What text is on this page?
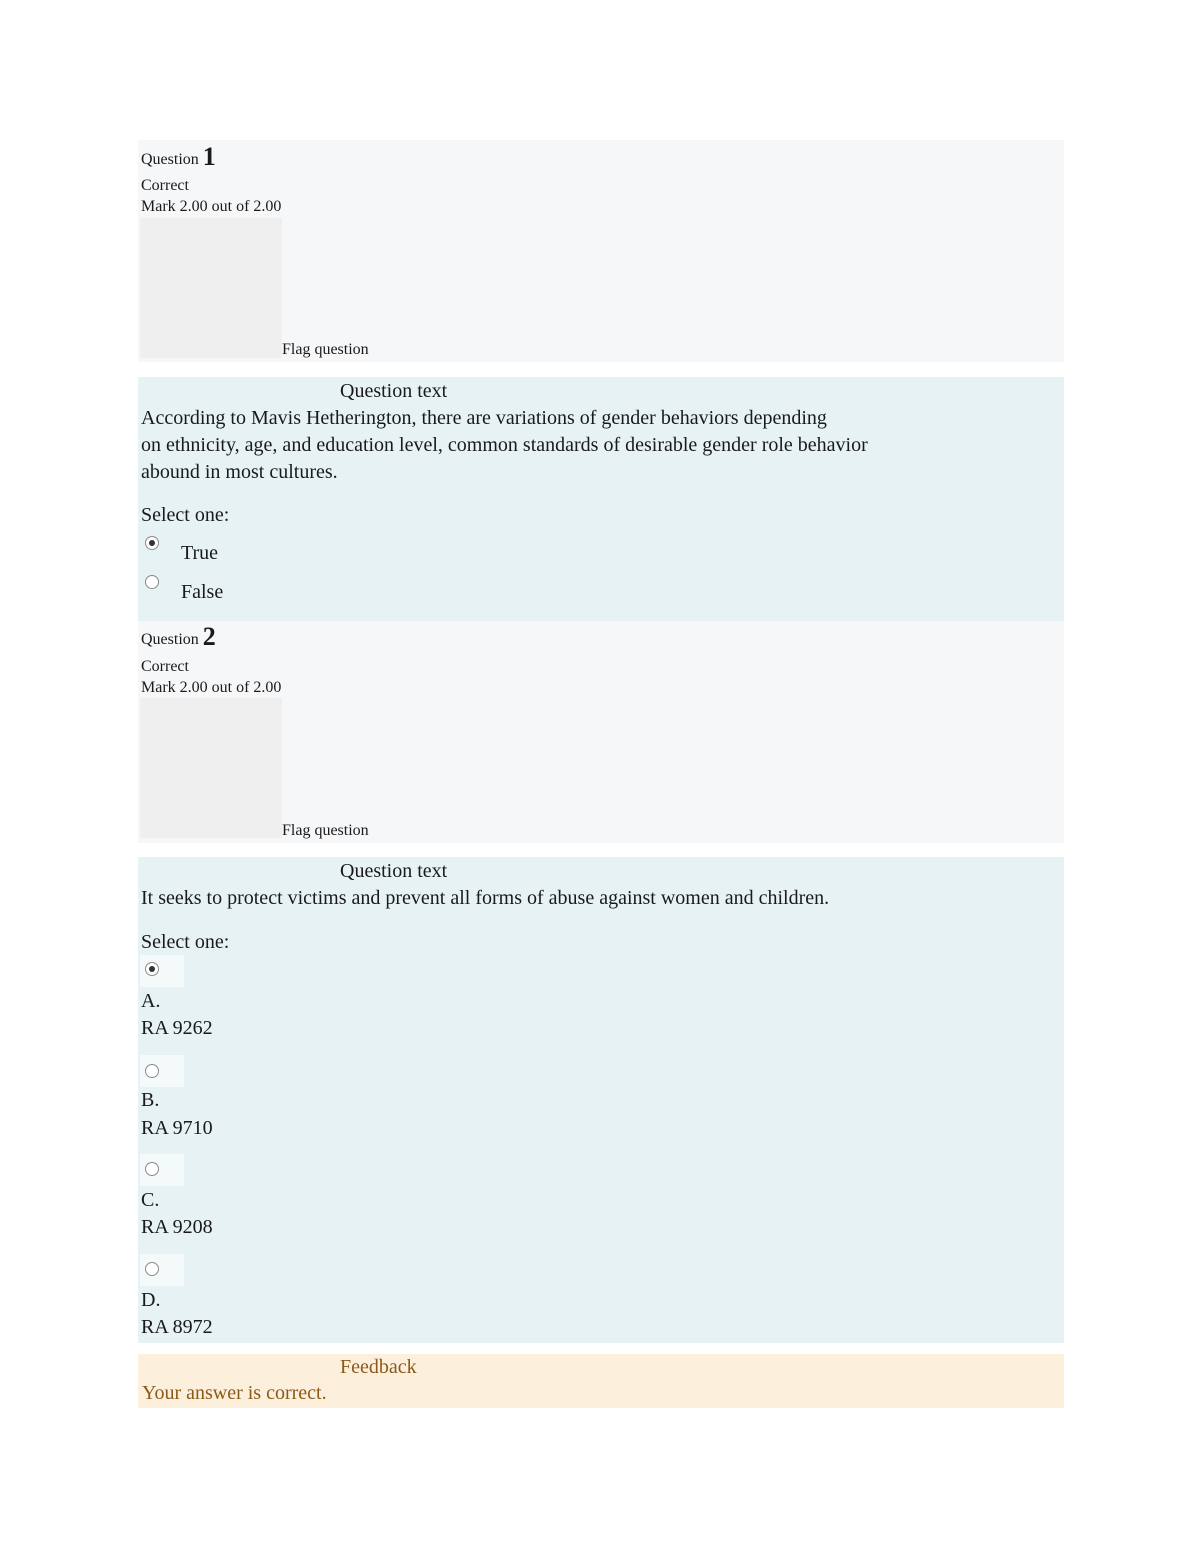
Question 1
Correct
Mark 2.00 out of 2.00
Flag question
Question text
According to Mavis Hetherington, there are variations of gender behaviors depending
on ethnicity, age, and education level, common standards of desirable gender role behavior
abound in most cultures.
Select one:
True
False
Question 2
Correct
Mark 2.00 out of 2.00
Flag question
Question text
It seeks to protect victims and prevent all forms of abuse against women and children.
Select one:
A.
RA 9262
B.
RA 9710
C.
RA 9208
D.
RA 8972
Feedback
Your answer is correct.
